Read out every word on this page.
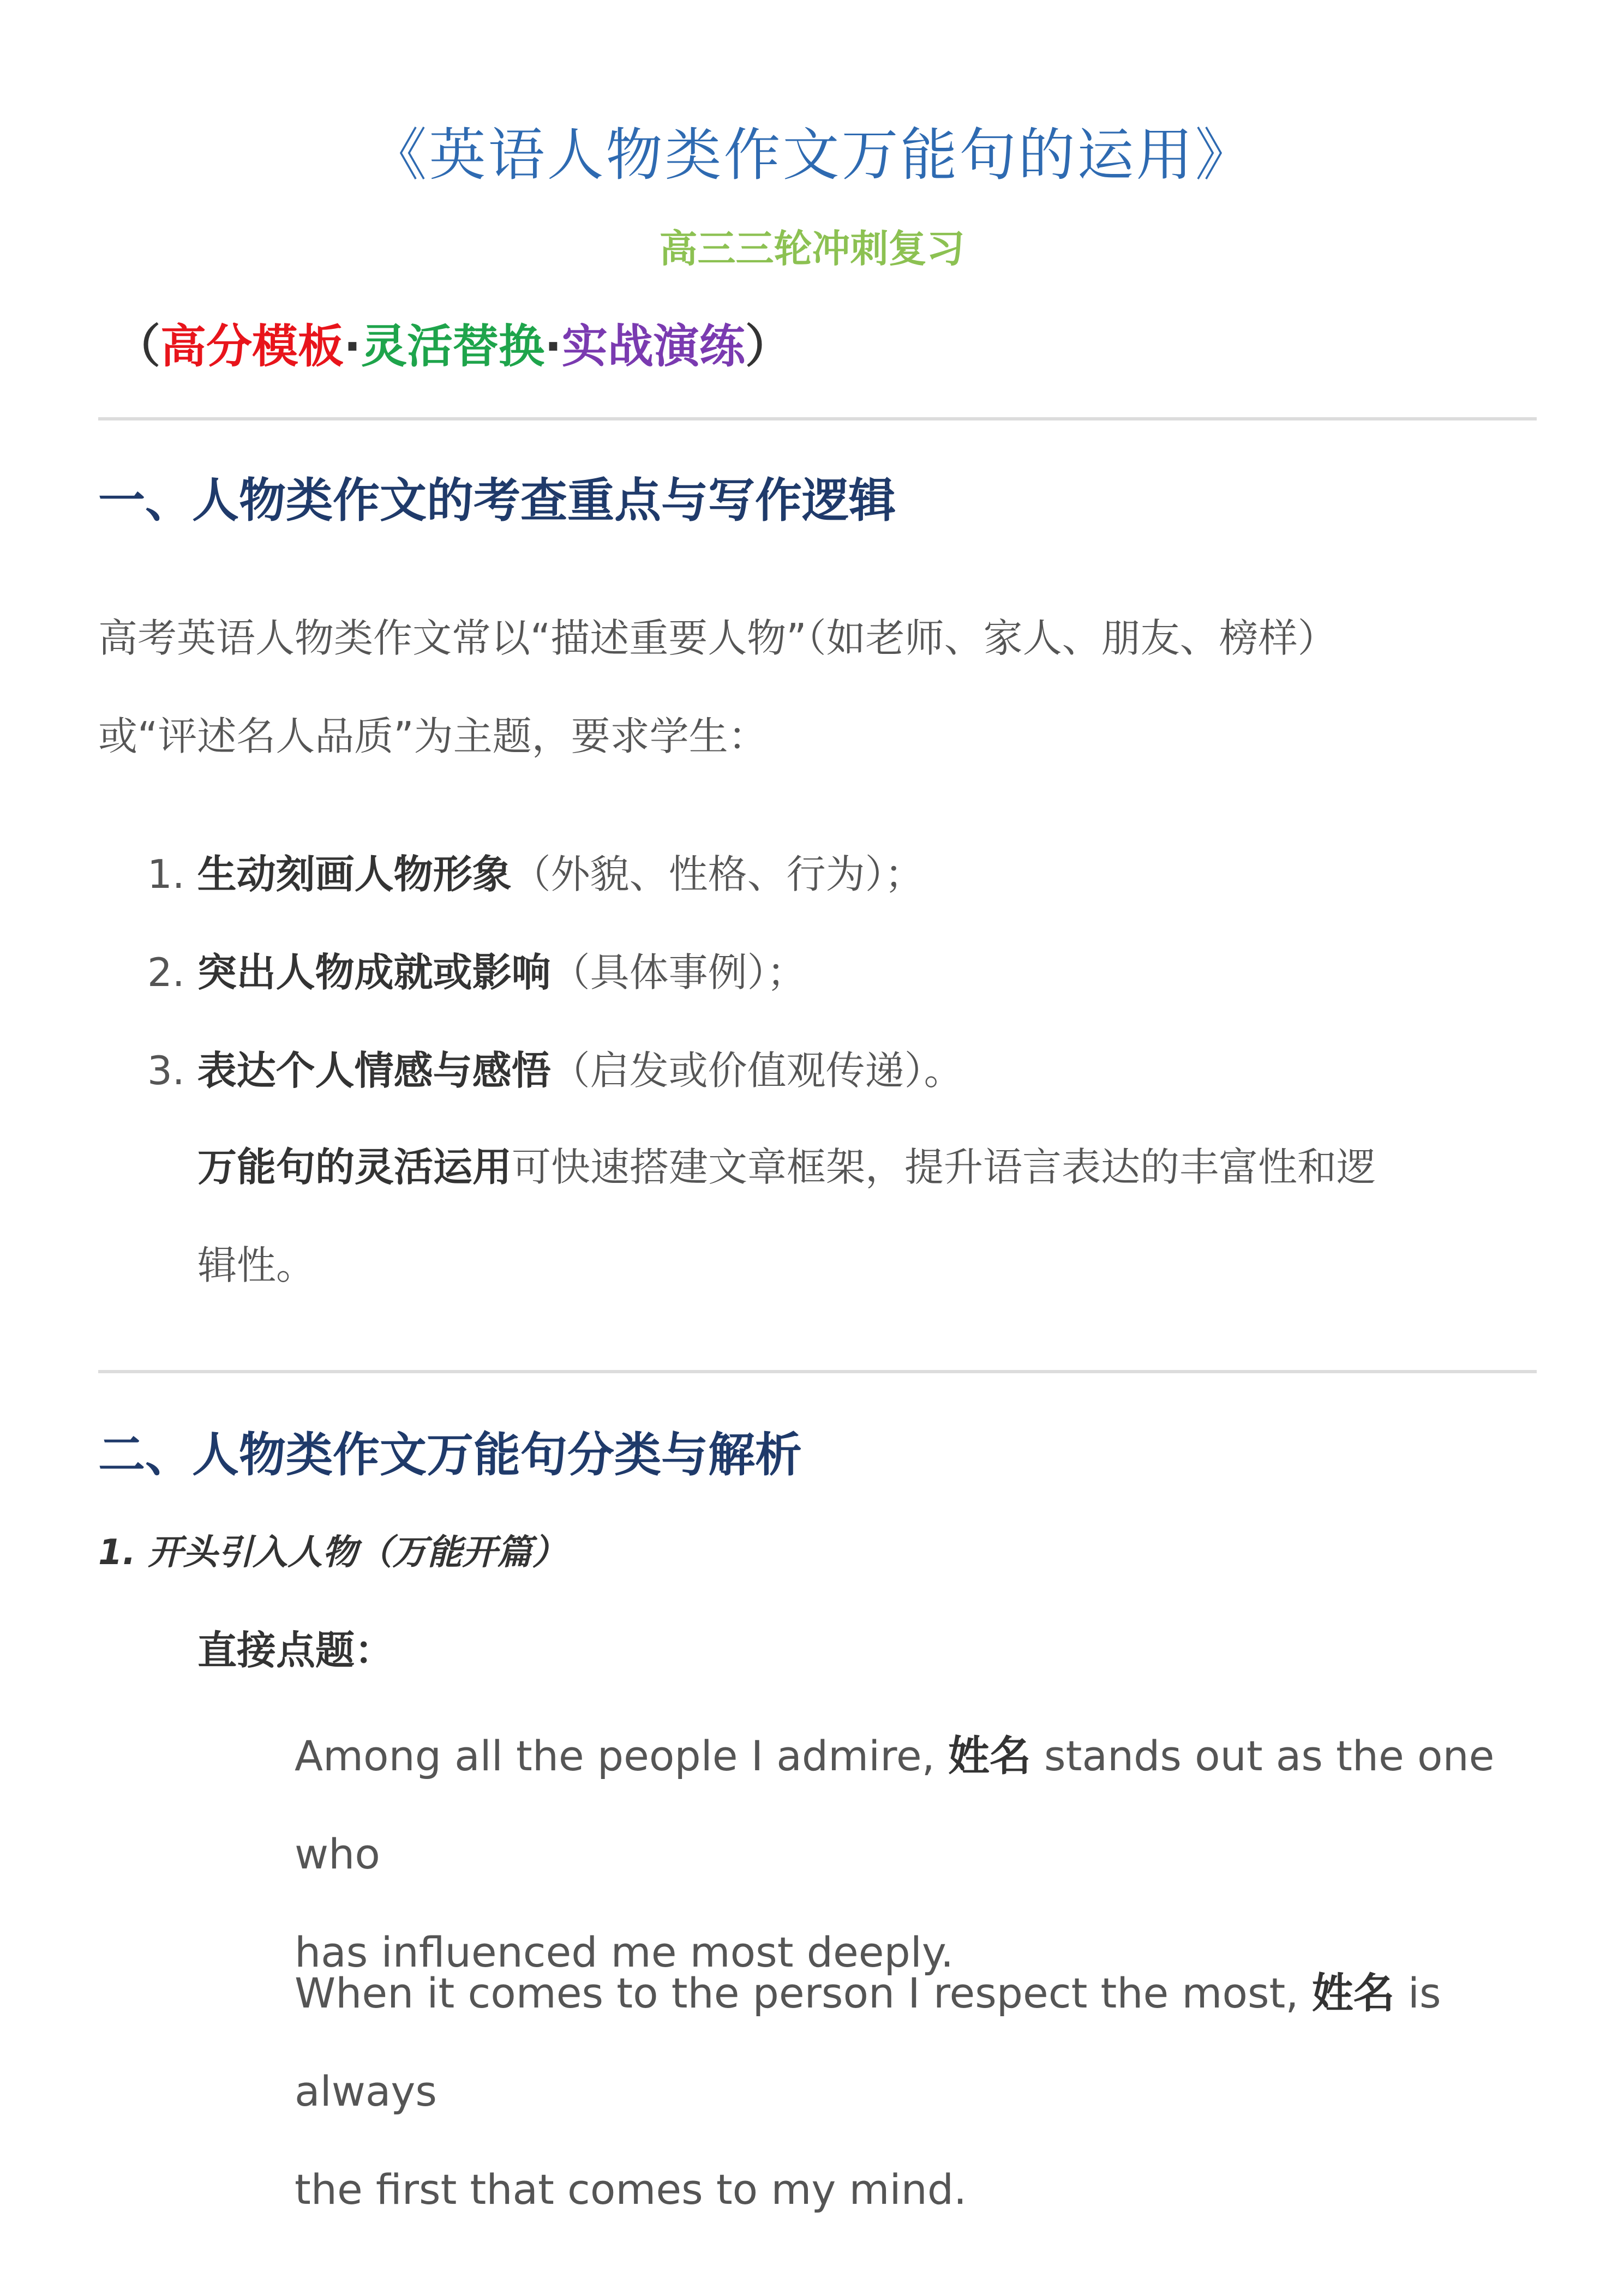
《英语人物类作文万能句的运用》
高三三轮冲刺复习
（高分模板·灵活替换·实战演练）
一、人物类作文的考查重点与写作逻辑
高考英语人物类作文常以“描述重要人物”（如老师、家人、朋友、榜样）
或“评述名人品质”为主题，要求学生：
1. 生动刻画人物形象（外貌、性格、行为）；
2. 突出人物成就或影响（具体事例）；
3. 表达个人情感与感悟（启发或价值观传递）。
万能句的灵活运用可快速搭建文章框架，提升语言表达的丰富性和逻
辑性。
二、人物类作文万能句分类与解析
1. 开头引入人物（万能开篇）
直接点题：
Among all the people I admire, 姓名 stands out as the one who
has influenced me most deeply.
When it comes to the person I respect the most, 姓名 is always
the first that comes to my mind.
